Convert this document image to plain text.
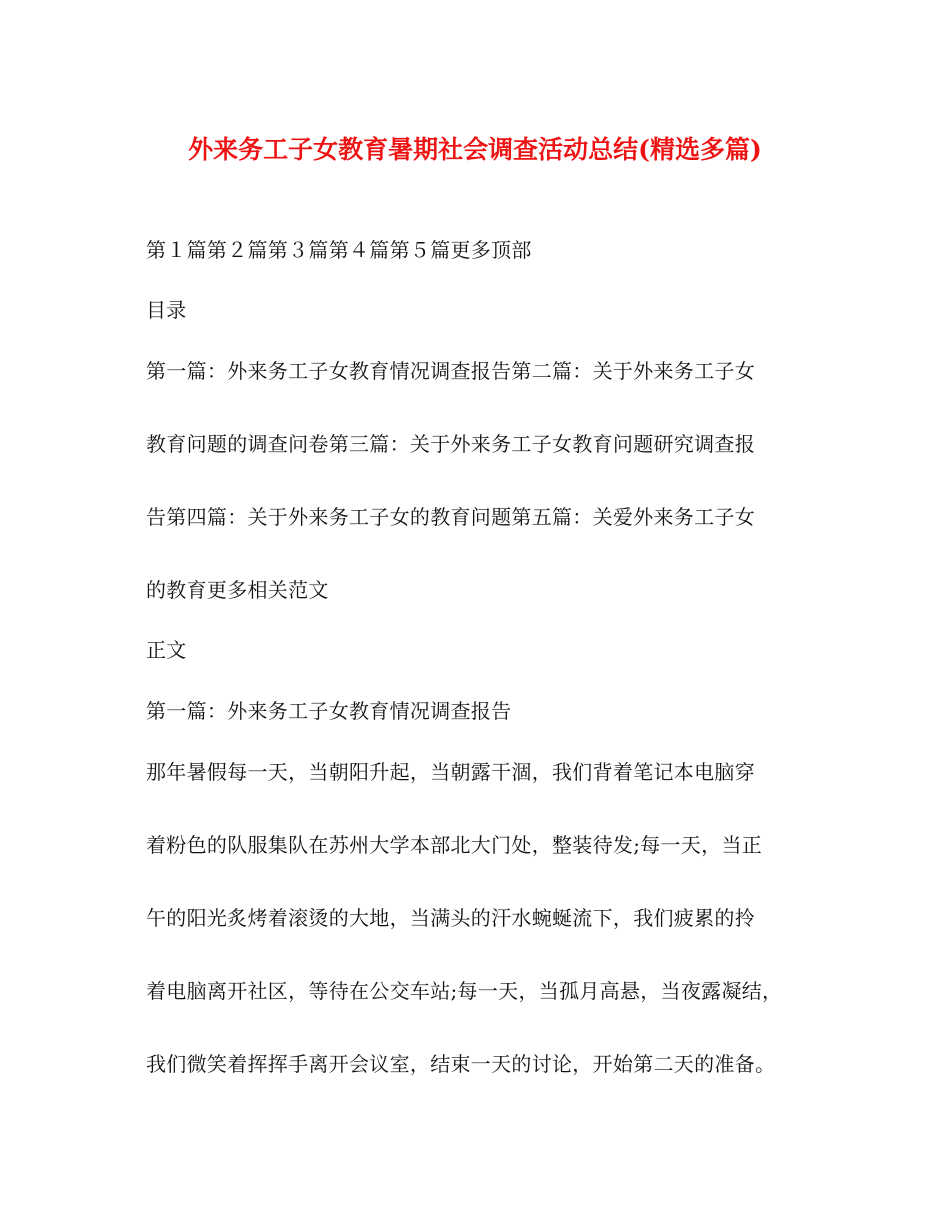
外来务工子女教育暑期社会调查活动总结(精选多篇)
第１篇第２篇第３篇第４篇第５篇更多顶部
目录
第一篇：外来务工子女教育情况调查报告第二篇：关于外来务工子女
教育问题的调查问卷第三篇：关于外来务工子女教育问题研究调查报
告第四篇：关于外来务工子女的教育问题第五篇：关爱外来务工子女
的教育更多相关范文
正文
第一篇：外来务工子女教育情况调查报告
那年暑假每一天，当朝阳升起，当朝露干涸，我们背着笔记本电脑穿
着粉色的队服集队在苏州大学本部北大门处，整装待发;每一天，当正
午的阳光炙烤着滚烫的大地，当满头的汗水蜿蜒流下，我们疲累的拎
着电脑离开社区，等待在公交车站;每一天，当孤月高悬，当夜露凝结，
我们微笑着挥挥手离开会议室，结束一天的讨论，开始第二天的准备。
